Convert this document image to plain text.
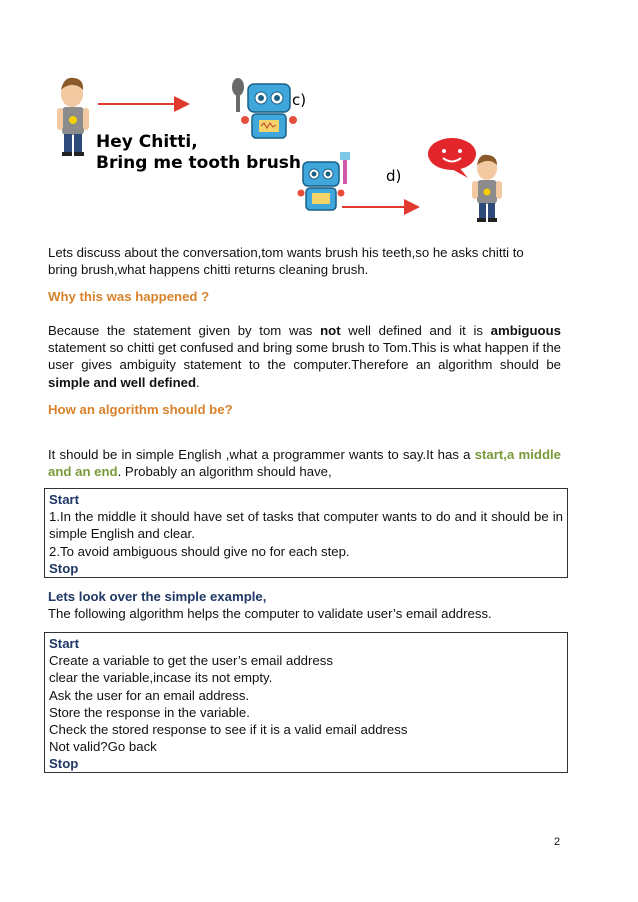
c)
Hey Chitti,
Bring me tooth brush
d)
Lets discuss about the conversation,tom wants brush his teeth,so he asks chitti to
bring brush,what happens chitti returns cleaning brush.
Why this was happened ?
Because the statement given by tom was not well defined and it is ambiguous statement so chitti get confused and bring some brush to Tom.This is what happen if the user gives ambiguity statement to the computer.Therefore an algorithm should be simple and well defined.
How an algorithm should be?
It should be in simple English ,what a programmer wants to say.It has a start,a middle and an end. Probably an algorithm should have,
Start
1.In the middle it should have set of tasks that computer wants to do and it should be in simple English and clear.
2.To avoid ambiguous should give no for each step.
Stop
Lets look over the simple example,
The following algorithm helps the computer to validate user’s email address.
Start
Create a variable to get the user’s email address
clear the variable,incase its not empty.
Ask the user for an email address.
Store the response in the variable.
Check the stored response to see if it is a valid email address
Not valid?Go back
Stop
2
